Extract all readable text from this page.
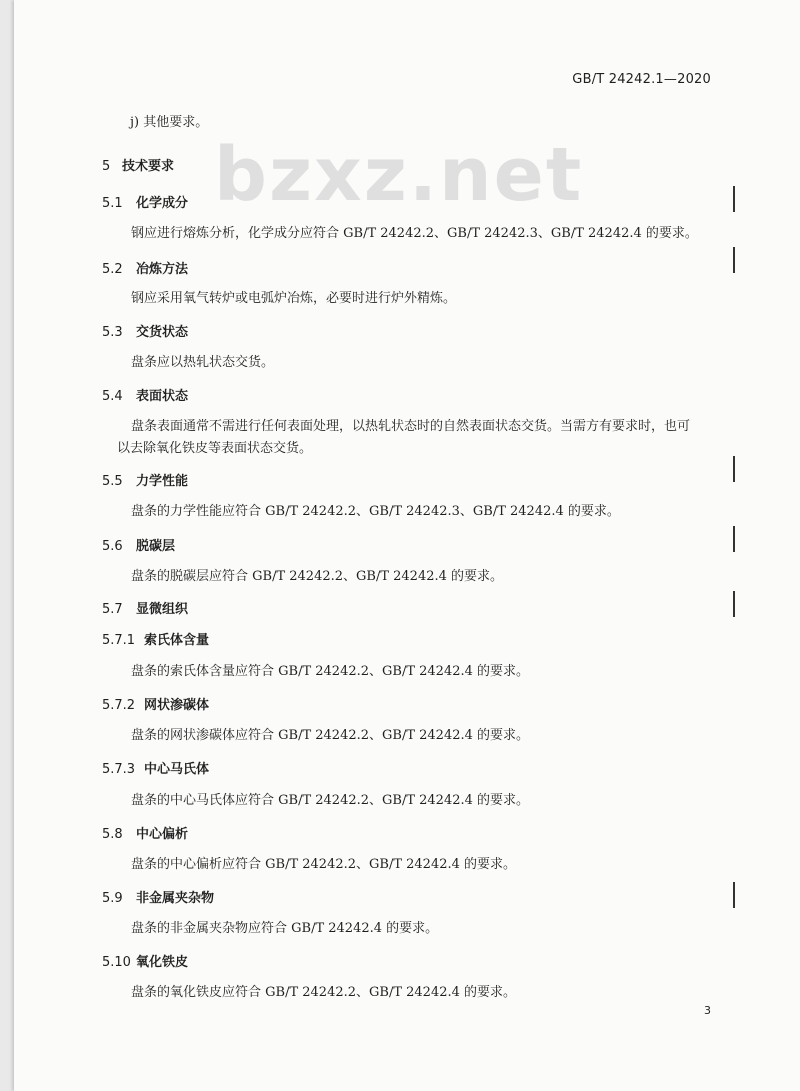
GB/T 24242.1—2020
bzxz.net
j) 其他要求。
5 技术要求
5.1 化学成分
钢应进行熔炼分析，化学成分应符合 GB/T 24242.2、GB/T 24242.3、GB/T 24242.4 的要求。
5.2 冶炼方法
钢应采用氧气转炉或电弧炉冶炼，必要时进行炉外精炼。
5.3 交货状态
盘条应以热轧状态交货。
5.4 表面状态
盘条表面通常不需进行任何表面处理，以热轧状态时的自然表面状态交货。当需方有要求时，也可
以去除氧化铁皮等表面状态交货。
5.5 力学性能
盘条的力学性能应符合 GB/T 24242.2、GB/T 24242.3、GB/T 24242.4 的要求。
5.6 脱碳层
盘条的脱碳层应符合 GB/T 24242.2、GB/T 24242.4 的要求。
5.7 显微组织
5.7.1 索氏体含量
盘条的索氏体含量应符合 GB/T 24242.2、GB/T 24242.4 的要求。
5.7.2 网状渗碳体
盘条的网状渗碳体应符合 GB/T 24242.2、GB/T 24242.4 的要求。
5.7.3 中心马氏体
盘条的中心马氏体应符合 GB/T 24242.2、GB/T 24242.4 的要求。
5.8 中心偏析
盘条的中心偏析应符合 GB/T 24242.2、GB/T 24242.4 的要求。
5.9 非金属夹杂物
盘条的非金属夹杂物应符合 GB/T 24242.4 的要求。
5.10 氧化铁皮
盘条的氧化铁皮应符合 GB/T 24242.2、GB/T 24242.4 的要求。
3
